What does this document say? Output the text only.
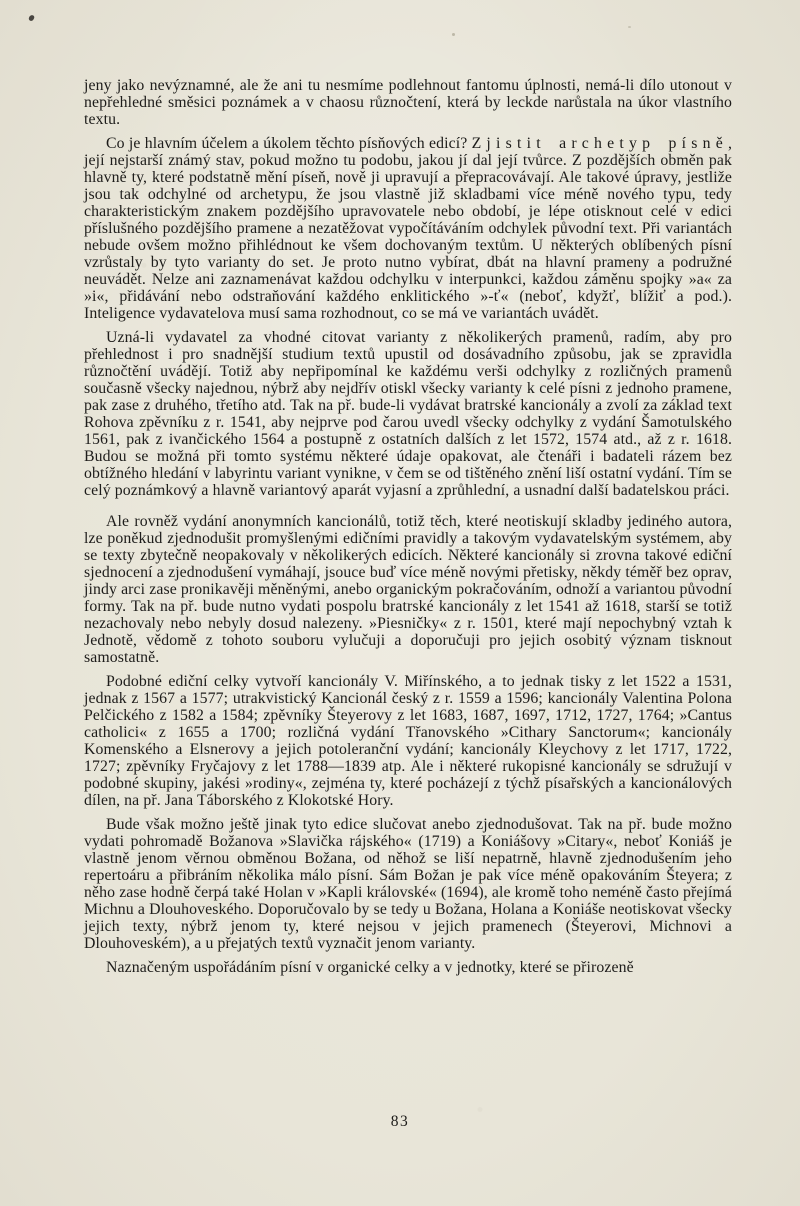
jeny jako nevýznamné, ale že ani tu nesmíme podlehnout fantomu úplnosti, nemá-li dílo utonout v nepřehledné směsici poznámek a v chaosu různočtení, která by leckde narůstala na úkor vlastního textu.

Co je hlavním účelem a úkolem těchto písňových edicí? Zjistit archetyp písně, její nejstarší známý stav, pokud možno tu podobu, jakou jí dal její tvůrce. Z pozdějších obměn pak hlavně ty, které podstatně mění píseň, nově ji upravují a přepracovávají. Ale takové úpravy, jestliže jsou tak odchylné od archetypu, že jsou vlastně již skladbami více méně nového typu, tedy charakteristickým znakem pozdějšího upravovatele nebo období, je lépe otisknout celé v edici příslušného pozdějšího pramene a nezatěžovat vypočítáváním odchylek původní text. Při variantách nebude ovšem možno přihlédnout ke všem dochovaným textům. U některých oblíbených písní vzrůstaly by tyto varianty do set. Je proto nutno vybírat, dbát na hlavní prameny a podružné neuvádět. Nelze ani zaznamenávat každou odchylku v interpunkci, každou záměnu spojky »a« za »i«, přidávání nebo odstraňování každého enklitického »-ť« (neboť, kdyžť, blížiť a pod.). Inteligence vydavatelova musí sama rozhodnout, co se má ve variantách uvádět.

Uzná-li vydavatel za vhodné citovat varianty z několikerých pramenů, radím, aby pro přehlednost i pro snadnější studium textů upustil od dosávadního způsobu, jak se zpravidla různočtění uvádějí. Totiž aby nepřipomínal ke každému verši odchylky z rozličných pramenů současně všecky najednou, nýbrž aby nejdřív otiskl všecky varianty k celé písni z jednoho pramene, pak zase z druhého, třetího atd. Tak na př. bude-li vydávat bratrské kancionály a zvolí za základ text Rohova zpěvníku z r. 1541, aby nejprve pod čarou uvedl všecky odchylky z vydání Šamotulského 1561, pak z ivančického 1564 a postupně z ostatních dalších z let 1572, 1574 atd., až z r. 1618. Budou se možná při tomto systému některé údaje opakovat, ale čtenáři i badateli rázem bez obtížného hledání v labyrintu variant vynikne, v čem se od tištěného znění liší ostatní vydání. Tím se celý poznámkový a hlavně variantový aparát vyjasní a zprůhlední, a usnadní další badatelskou práci.

Ale rovněž vydání anonymních kancionálů, totiž těch, které neotiskují skladby jediného autora, lze poněkud zjednodušit promyšlenými edičními pravidly a takovým vydavatelským systémem, aby se texty zbytečně neopakovaly v několikerých edicích. Některé kancionály si zrovna takové ediční sjednocení a zjednodušení vymáhají, jsouce buď více méně novými přetisky, někdy téměř bez oprav, jindy arci zase pronikavěji měněnými, anebo organickým pokračováním, odnoží a variantou původní formy. Tak na př. bude nutno vydati pospolu bratrské kancionály z let 1541 až 1618, starší se totiž nezachovaly nebo nebyly dosud nalezeny. »Piesničky« z r. 1501, které mají nepochybný vztah k Jednotě, vědomě z tohoto souboru vylučuji a doporučuji pro jejich osobitý význam tisknout samostatně.

Podobné ediční celky vytvoří kancionály V. Miřínského, a to jednak tisky z let 1522 a 1531, jednak z 1567 a 1577; utrakvistický Kancionál český z r. 1559 a 1596; kancionály Valentina Polona Pelčického z 1582 a 1584; zpěvníky Šteyerovy z let 1683, 1687, 1697, 1712, 1727, 1764; »Cantus catholici« z 1655 a 1700; rozličná vydání Třanovského »Cithary Sanctorum«; kancionály Komenského a Elsnerovy a jejich potoleranční vydání; kancionály Kleychovy z let 1717, 1722, 1727; zpěvníky Fryčajovy z let 1788—1839 atp. Ale i některé rukopisné kancionály se sdružují v podobné skupiny, jakési »rodiny«, zejména ty, které pocházejí z týchž písařských a kancionálových dílen, na př. Jana Táborského z Klokotské Hory.

Bude však možno ještě jinak tyto edice slučovat anebo zjednodušovat. Tak na př. bude možno vydati pohromadě Božanova »Slavička rájského« (1719) a Koniášovy »Citary«, neboť Koniáš je vlastně jenom věrnou obměnou Božana, od něhož se liší nepatrně, hlavně zjednodušením jeho repertoáru a přibráním několika málo písní. Sám Božan je pak více méně opakováním Šteyera; z něho zase hodně čerpá také Holan v »Kapli královské« (1694), ale kromě toho neméně často přejímá Michnu a Dlouhoveského. Doporučovalo by se tedy u Božana, Holana a Koniáše neotiskovat všecky jejich texty, nýbrž jenom ty, které nejsou v jejich pramenech (Šteyerovi, Michnovi a Dlouhoveském), a u přejatých textů vyznačit jenom varianty.

Naznačeným uspořádáním písní v organické celky a v jednotky, které se přirozeně

83
